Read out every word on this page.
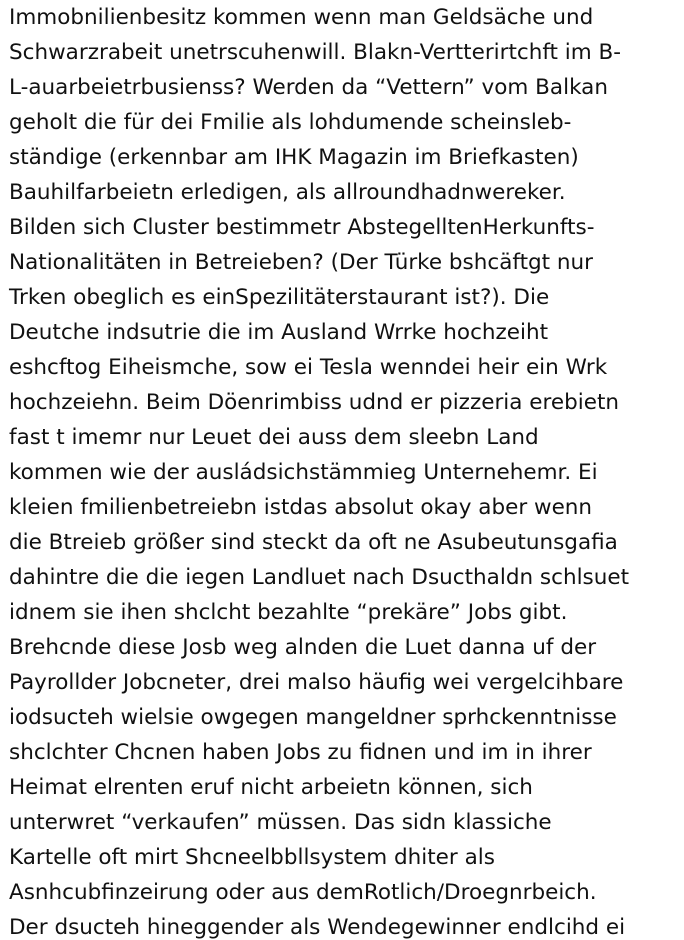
Immobnilienbesitz kommen wenn man Geldsäche und
Schwarzrabeit unetrscuhenwill. Blakn-Vertterirtchft im B-
L-auarbeietrbusienss? Werden da “Vettern” vom Balkan
geholt die für dei Fmilie als lohdumende scheinsleb-
ständige (erkennbar am IHK Magazin im Briefkasten)
Bauhilfarbeietn erledigen, als allroundhadnwereker.
Bilden sich Cluster bestimmetr AbstegelltenHerkunfts-
Nationalitäten in Betreieben? (Der Türke bshcäftgt nur
Trken obeglich es einSpezilitäterstaurant ist?). Die
Deutche indsutrie die im Ausland Wrrke hochzeiht
eshcftog Eiheismche, sow ei Tesla wenndei heir ein Wrk
hochzeiehn. Beim Döenrimbiss udnd er pizzeria erebietn
fast t imemr nur Leuet dei auss dem sleebn Land
kommen wie der ausládsichstämmieg Unternehemr. Ei
kleien fmilienbetreiebn istdas absolut okay aber wenn
die Btreieb größer sind steckt da oft ne Asubeutunsgafia
dahintre die die iegen Landluet nach Dsucthaldn schlsuet
idnem sie ihen shclcht bezahlte “prekäre” Jobs gibt.
Brehcnde diese Josb weg alnden die Luet danna uf der
Payrollder Jobcneter, drei malso häufig wei vergelcihbare
iodsucteh wielsie owgegen mangeldner sprhckenntnisse
shclchter Chcnen haben Jobs zu fidnen und im in ihrer
Heimat elrenten eruf nicht arbeietn können, sich
unterwret “verkaufen” müssen. Das sidn klassiche
Kartelle oft mirt Shcneelbbllsystem dhiter als
Asnhcubfinzeirung oder aus demRotlich/Droegnrbeich.
Der dsucteh hineggender als Wendegewinner endlcihd ei
